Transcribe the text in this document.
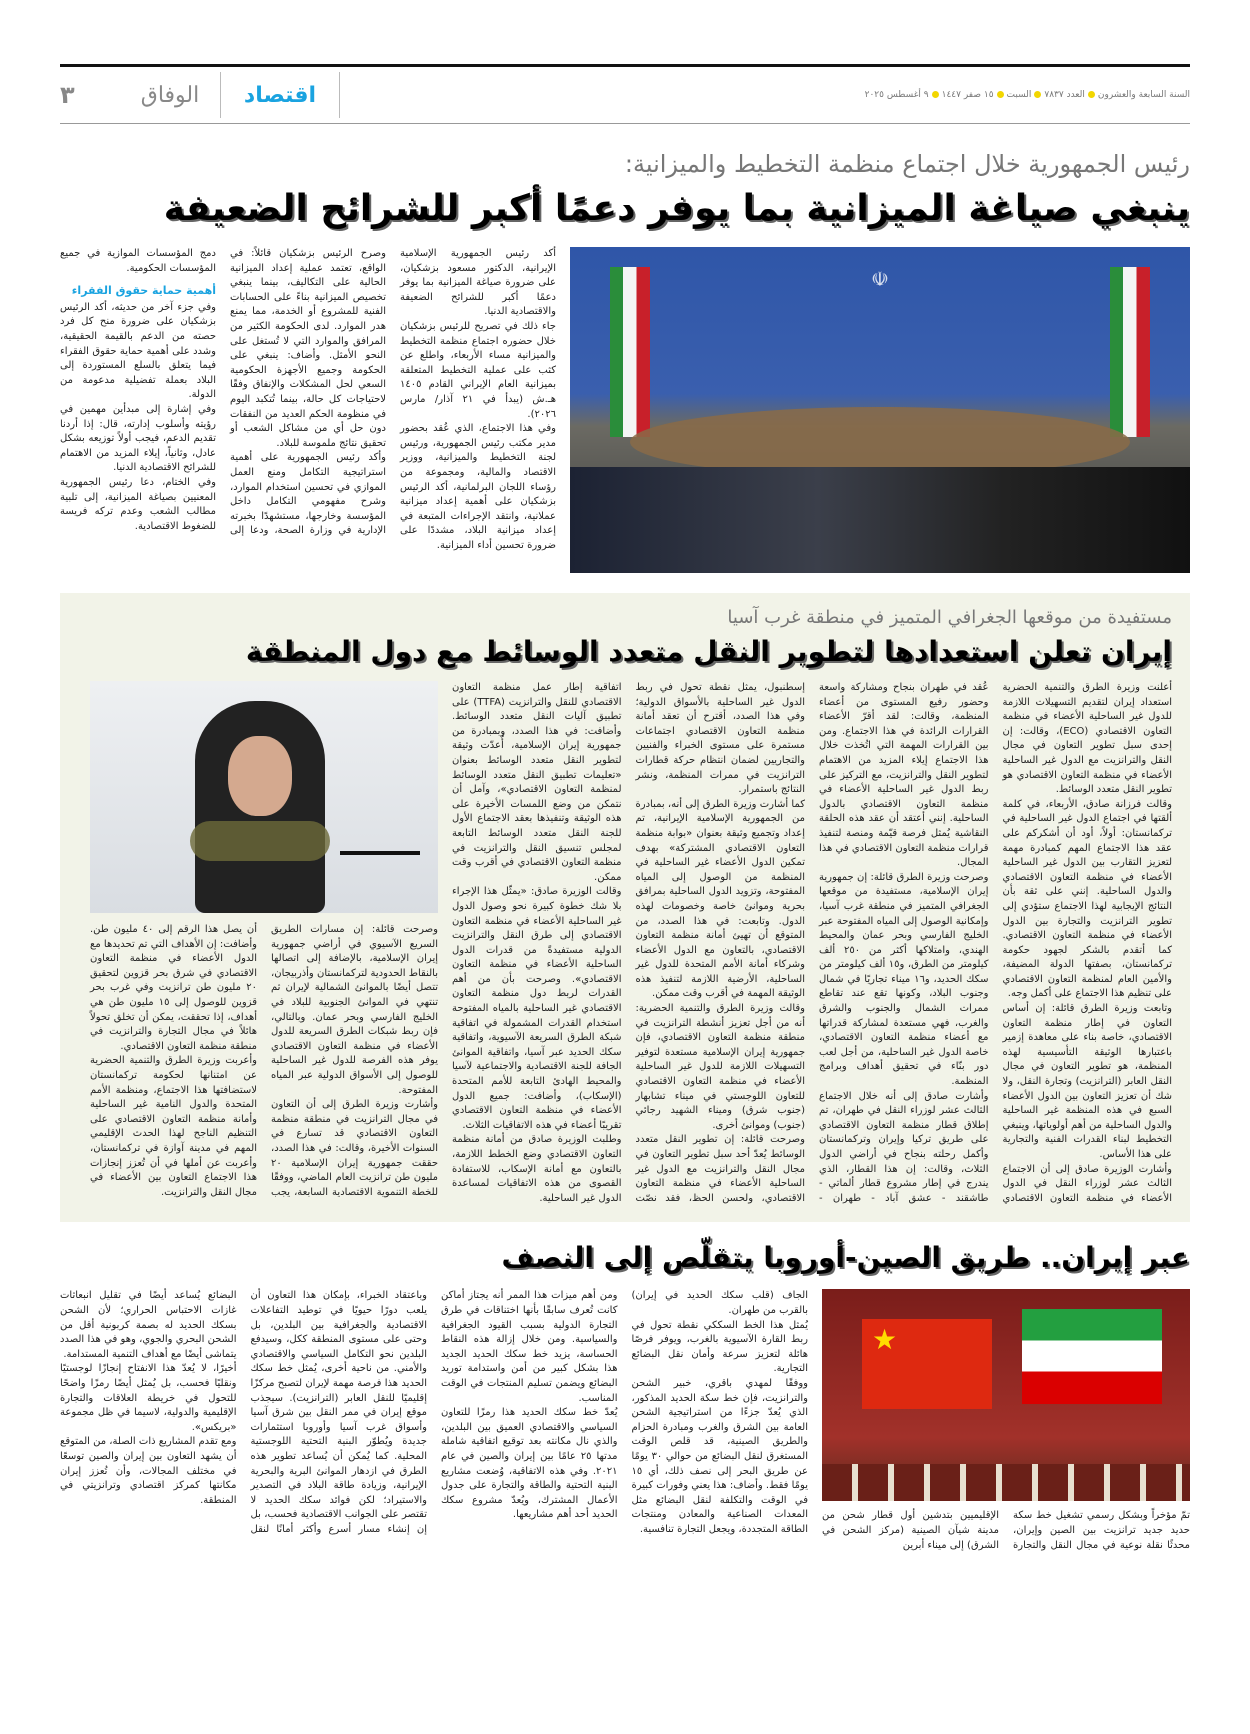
السنة السابعة والعشرونالعدد ٧٨٣٧السبت١٥ صفر ١٤٤٧٩ أغسطس ٢٠٢٥
اقتصاد
الوفاق
٣
رئيس الجمهورية خلال اجتماع منظمة التخطيط والميزانية:
ينبغي صياغة الميزانية بما يوفر دعمًا أكبر للشرائح الضعيفة
☫

أكد رئيس الجمهورية الإسلامية الإيرانية، الدكتور مسعود بزشكيان، على ضرورة صياغة الميزانية بما يوفر دعمًا أكبر للشرائح الضعيفة والاقتصادية الدنيا.

جاء ذلك في تصريح للرئيس بزشكيان خلال حضوره اجتماع منظمة التخطيط والميزانية مساء الأربعاء، واطلع عن كثب على عملية التخطيط المتعلقة بميزانية العام الإيراني القادم ١٤٠٥ هـ.ش (يبدأ في ٢١ آذار/ مارس ٢٠٢٦).

وفي هذا الاجتماع، الذي عُقد بحضور مدير مكتب رئيس الجمهورية، ورئيس لجنة التخطيط والميزانية، ووزير الاقتصاد والمالية، ومجموعة من رؤساء اللجان البرلمانية، أكد الرئيس بزشكيان على أهمية إعداد ميزانية عملانية، وانتقد الإجراءات المتبعة في إعداد ميزانية البلاد، مشددًا على ضرورة تحسين أداء الميزانية.

وصرح الرئيس بزشكيان قائلاً: في الواقع، تعتمد عملية إعداد الميزانية الحالية على التكاليف، بينما ينبغي تخصيص الميزانية بناءً على الحسابات الفنية للمشروع أو الخدمة، مما يمنع هدر الموارد. لدى الحكومة الكثير من المرافق والموارد التي لا تُستغل على النحو الأمثل. وأضاف: ينبغي على الحكومة وجميع الأجهزة الحكومية السعي لحل المشكلات والإنفاق وفقًا لاحتياجات كل حالة، بينما تُتكبد اليوم في منظومة الحكم العديد من النفقات دون حل أي من مشاكل الشعب أو تحقيق نتائج ملموسة للبلاد.

وأكد رئيس الجمهورية على أهمية استراتيجية التكامل ومنع العمل الموازي في تحسين استخدام الموارد، وشرح مفهومي التكامل داخل المؤسسة وخارجها، مستشهدًا بخبرته الإدارية في وزارة الصحة، ودعا إلى دمج المؤسسات الموازية في جميع المؤسسات الحكومية.

أهمية حماية حقوق الفقراء

وفي جزء آخر من حديثه، أكد الرئيس بزشكيان على ضرورة منح كل فرد حصته من الدعم بالقيمة الحقيقية، وشدد على أهمية حماية حقوق الفقراء فيما يتعلق بالسلع المستوردة إلى البلاد بعملة تفضيلية مدعومة من الدولة.

وفي إشارة إلى مبدأين مهمين في رؤيته وأسلوب إدارته، قال: إذا أردنا تقديم الدعم، فيجب أولاً توزيعه بشكل عادل، وثانياً، إيلاء المزيد من الاهتمام للشرائح الاقتصادية الدنيا.

وفي الختام، دعا رئيس الجمهورية المعنيين بصياغة الميزانية، إلى تلبية مطالب الشعب وعدم تركه فريسة للضغوط الاقتصادية.

مستفيدة من موقعها الجغرافي المتميز في منطقة غرب آسيا
إيران تعلن استعدادها لتطوير النقل متعدد الوسائط مع دول المنطقة

أعلنت وزيرة الطرق والتنمية الحضرية استعداد إيران لتقديم التسهيلات اللازمة للدول غير الساحلية الأعضاء في منظمة التعاون الاقتصادي (ECO)، وقالت: إن إحدى سبل تطوير التعاون في مجال النقل والترانزيت مع الدول غير الساحلية الأعضاء في منظمة التعاون الاقتصادي هو تطوير النقل متعدد الوسائط.

وقالت فرزانة صادق، الأربعاء، في كلمة ألقتها في اجتماع الدول غير الساحلية في تركمانستان: أولاً، أود أن أشكركم على عقد هذا الاجتماع المهم كمبادرة مهمة لتعزيز التقارب بين الدول غير الساحلية الأعضاء في منظمة التعاون الاقتصادي والدول الساحلية. إنني على ثقة بأن النتائج الإيجابية لهذا الاجتماع ستؤدي إلى تطوير الترانزيت والتجارة بين الدول الأعضاء في منظمة التعاون الاقتصادي. كما أتقدم بالشكر لجهود حكومة تركمانستان، بصفتها الدولة المضيفة، والأمين العام لمنظمة التعاون الاقتصادي على تنظيم هذا الاجتماع على أكمل وجه.

وتابعت وزيرة الطرق قائلة: إن أساس التعاون في إطار منظمة التعاون الاقتصادي، خاصة بناء على معاهدة إزمير باعتبارها الوثيقة التأسيسية لهذه المنظمة، هو تطوير التعاون في مجال النقل العابر (الترانزيت) وتجارة النقل، ولا شك أن تعزيز التعاون بين الدول الأعضاء السبع في هذه المنظمة غير الساحلية والدول الساحلية من أهم أولوياتها، وينبغي التخطيط لبناء القدرات الفنية والتجارية على هذا الأساس.

وأشارت الوزيرة صادق إلى أن الاجتماع الثالث عشر لوزراء النقل في الدول الأعضاء في منظمة التعاون الاقتصادي عُقد في طهران بنجاح ومشاركة واسعة وحضور رفيع المستوى من أعضاء المنظمة، وقالت: لقد أقرّ الأعضاء القرارات الرائدة في هذا الاجتماع. ومن بين القرارات المهمة التي اتُخذت خلال هذا الاجتماع إيلاء المزيد من الاهتمام لتطوير النقل والترانزيت، مع التركيز على ربط الدول غير الساحلية الأعضاء في منظمة التعاون الاقتصادي بالدول الساحلية. إنني أعتقد أن عقد هذه الحلقة النقاشية يُمثل فرصة قيّمة ومنصة لتنفيذ قرارات منظمة التعاون الاقتصادي في هذا المجال.

وصرحت وزيرة الطرق قائلة: إن جمهورية إيران الإسلامية، مستفيدة من موقعها الجغرافي المتميز في منطقة غرب آسيا، وإمكانية الوصول إلى المياه المفتوحة عبر الخليج الفارسي وبحر عمان والمحيط الهندي، وامتلاكها أكثر من ٢٥٠ ألف كيلومتر من الطرق، و١٥ ألف كيلومتر من سكك الحديد، و١٦ ميناء تجاريًا في شمال وجنوب البلاد، وكونها تقع عند تقاطع ممرات الشمال والجنوب والشرق والغرب، فهي مستعدة لمشاركة قدراتها مع أعضاء منظمة التعاون الاقتصادي، خاصة الدول غير الساحلية، من أجل لعب دور بنّاء في تحقيق أهداف وبرامج المنظمة.

وأشارت صادق إلى أنه خلال الاجتماع الثالث عشر لوزراء النقل في طهران، تم إطلاق قطار منظمة التعاون الاقتصادي على طريق تركيا وإيران وتركمانستان وأكمل رحلته بنجاح في أراضي الدول الثلاث، وقالت: إن هذا القطار، الذي يندرج في إطار مشروع قطار ألماتي - طاشقند - عشق آباد - طهران - إسطنبول، يمثل نقطة تحول في ربط الدول غير الساحلية بالأسواق الدولية؛ وفي هذا الصدد، أقترح أن تعقد أمانة منظمة التعاون الاقتصادي اجتماعات مستمرة على مستوى الخبراء والفنيين والتجاريين لضمان انتظام حركة قطارات الترانزيت في ممرات المنظمة، ونشر النتائج باستمرار.

كما أشارت وزيرة الطرق إلى أنه، بمبادرة من الجمهورية الإسلامية الإيرانية، تم إعداد وتجميع وثيقة بعنوان «بوابة منظمة التعاون الاقتصادي المشتركة» بهدف تمكين الدول الأعضاء غير الساحلية في المنظمة من الوصول إلى المياه المفتوحة، وتزويد الدول الساحلية بمرافق بحرية وموانئ خاصة وخصومات لهذه الدول. وتابعت: في هذا الصدد، من المتوقع أن تهيئ أمانة منظمة التعاون الاقتصادي، بالتعاون مع الدول الأعضاء وشركاء أمانة الأمم المتحدة للدول غير الساحلية، الأرضية اللازمة لتنفيذ هذه الوثيقة المهمة في أقرب وقت ممكن.

وقالت وزيرة الطرق والتنمية الحضرية: أنه من أجل تعزيز أنشطة الترانزيت في منطقة منظمة التعاون الاقتصادي، فإن جمهورية إيران الإسلامية مستعدة لتوفير التسهيلات اللازمة للدول غير الساحلية الأعضاء في منظمة التعاون الاقتصادي للتعاون اللوجستي في ميناء تشابهار (جنوب شرق) وميناء الشهيد رجائي (جنوب) وموانئ أخرى.

وصرحت قائلة: إن تطوير النقل متعدد الوسائط يُعدّ أحد سبل تطوير التعاون في مجال النقل والترانزيت مع الدول غير الساحلية الأعضاء في منظمة التعاون الاقتصادي، ولحسن الحظ، فقد نصّت اتفاقية إطار عمل منظمة التعاون الاقتصادي للنقل والترانزيت (TTFA) على تطبيق آليات النقل متعدد الوسائط. وأضافت: في هذا الصدد، وبمبادرة من جمهورية إيران الإسلامية، أُعدّت وثيقة لتطوير النقل متعدد الوسائط بعنوان «تعليمات تطبيق النقل متعدد الوسائط لمنظمة التعاون الاقتصادي»، وآمل أن نتمكن من وضع اللمسات الأخيرة على هذه الوثيقة وتنفيذها بعقد الاجتماع الأول للجنة النقل متعدد الوسائط التابعة لمجلس تنسيق النقل والترانزيت في منظمة التعاون الاقتصادي في أقرب وقت ممكن.

وقالت الوزيرة صادق: «يمثّل هذا الإجراء بلا شك خطوة كبيرة نحو وصول الدول غير الساحلية الأعضاء في منظمة التعاون الاقتصادي إلى طرق النقل والترانزيت الدولية مستفيدةً من قدرات الدول الساحلية الأعضاء في منظمة التعاون الاقتصادي». وصرحت بأن من أهم القدرات لربط دول منظمة التعاون الاقتصادي غير الساحلية بالمياه المفتوحة استخدام القدرات المشمولة في اتفاقية شبكة الطرق السريعة الآسيوية، واتفاقية سكك الحديد عبر آسيا، واتفاقية الموانئ الجافة للجنة الاقتصادية والاجتماعية لآسيا والمحيط الهادئ التابعة للأمم المتحدة (الإسكاب)، وأضافت: جميع الدول الأعضاء في منظمة التعاون الاقتصادي تقريبًا أعضاء في هذه الاتفاقيات الثلاث.

وطلبت الوزيرة صادق من أمانة منظمة التعاون الاقتصادي وضع الخطط اللازمة، بالتعاون مع أمانة الإسكاب، للاستفادة القصوى من هذه الاتفاقيات لمساعدة الدول غير الساحلية.

وصرحت قائلة: إن مسارات الطريق السريع الآسيوي في أراضي جمهورية إيران الإسلامية، بالإضافة إلى اتصالها بالنقاط الحدودية لتركمانستان وأذربيجان، تتصل أيضًا بالموانئ الشمالية لإيران ثم تنتهي في الموانئ الجنوبية للبلاد في الخليج الفارسي وبحر عمان. وبالتالي، فإن ربط شبكات الطرق السريعة للدول الأعضاء في منظمة التعاون الاقتصادي يوفر هذه الفرصة للدول غير الساحلية للوصول إلى الأسواق الدولية عبر المياه المفتوحة.

وأشارت وزيرة الطرق إلى أن التعاون في مجال الترانزيت في منطقة منظمة التعاون الاقتصادي قد تسارع في السنوات الأخيرة، وقالت: في هذا الصدد، حققت جمهورية إيران الإسلامية ٢٠ مليون طن ترانزيت العام الماضي، ووفقًا للخطة التنموية الاقتصادية السابعة، يجب أن يصل هذا الرقم إلى ٤٠ مليون طن. وأضافت: إن الأهداف التي تم تحديدها مع الدول الأعضاء في منظمة التعاون الاقتصادي في شرق بحر قزوين لتحقيق ٢٠ مليون طن ترانزيت وفي غرب بحر قزوين للوصول إلى ١٥ مليون طن هي أهداف، إذا تحققت، يمكن أن تخلق تحولاً هائلاً في مجال التجارة والترانزيت في منطقة منظمة التعاون الاقتصادي.

وأعربت وزيرة الطرق والتنمية الحضرية عن امتنانها لحكومة تركمانستان لاستضافتها هذا الاجتماع، ومنظمة الأمم المتحدة والدول النامية غير الساحلية وأمانة منظمة التعاون الاقتصادي على التنظيم الناجح لهذا الحدث الإقليمي المهم في مدينة آوازة في تركمانستان، وأعربت عن أملها في أن تُعزز إنجازات هذا الاجتماع التعاون بين الأعضاء في مجال النقل والترانزيت.

عبر إيران.. طريق الصين-أوروبا يتقلّص إلى النصف
★
تمّ مؤخراً وبشكل رسمي تشغيل خط سكة حديد جديد ترانزيت بين الصين وإيران، محدثًا نقلة نوعية في مجال النقل والتجارة الإقليميين بتدشين أول قطار شحن من مدينة شيآن الصينية (مركز الشحن في الشرق) إلى ميناء أبرين

الجاف (قلب سكك الحديد في إيران) بالقرب من طهران.

يُمثل هذا الخط السككي نقطة تحول في ربط القارة الآسيوية بالغرب، ويوفر فرصًا هائلة لتعزيز سرعة وأمان نقل البضائع التجارية.

ووفقًا لمهدي باقري، خبير الشحن والترانزيت، فإن خط سكة الحديد المذكور، الذي يُعدّ جزءًا من استراتيجية الشحن العامة بين الشرق والغرب ومبادرة الحزام والطريق الصينية، قد قلص الوقت المستغرق لنقل البضائع من حوالي ٣٠ يومًا عن طريق البحر إلى نصف ذلك، أي ١٥ يومًا فقط. وأضاف: هذا يعني وفورات كبيرة في الوقت والتكلفة لنقل البضائع مثل المعدات الصناعية والمعادن ومنتجات الطاقة المتجددة، ويجعل التجارة تنافسية.

ومن أهم ميزات هذا الممر أنه يجتاز أماكن كانت تُعرف سابقًا بأنها اختناقات في طرق التجارة الدولية بسبب القيود الجغرافية والسياسية. ومن خلال إزالة هذه النقاط الحساسة، يزيد خط سكك الحديد الجديد هذا بشكل كبير من أمن واستدامة توريد البضائع ويضمن تسليم المنتجات في الوقت المناسب.

يُعدّ خط سكك الحديد هذا رمزًا للتعاون السياسي والاقتصادي العميق بين البلدين، والذي نال مكانته بعد توقيع اتفاقية شاملة مدتها ٢٥ عامًا بين إيران والصين في عام ٢٠٢١. وفي هذه الاتفاقية، وُضعت مشاريع البنية التحتية والطاقة والتجارة على جدول الأعمال المشترك، ويُعدّ مشروع سكك الحديد أحد أهم مشاريعها.

وباعتقاد الخبراء، بإمكان هذا التعاون أن يلعب دورًا حيويًا في توطيد التفاعلات الاقتصادية والجغرافية بين البلدين، بل وحتى على مستوى المنطقة ككل، وسيدفع البلدين نحو التكامل السياسي والاقتصادي والأمني. من ناحية أخرى، يُمثل خط سكك الحديد هذا فرصة مهمة لإيران لتصبح مركزًا إقليميًا للنقل العابر (الترانزيت). سيجذب موقع إيران في ممر النقل بين شرق آسيا وأسواق غرب آسيا وأوروبا استثمارات جديدة ويُطوّر البنية التحتية اللوجستية المحلية. كما يُمكن أن يُساعد تطوير هذه الطرق في ازدهار الموانئ البرية والبحرية الإيرانية، وزيادة طاقة البلاد في التصدير والاستيراد؛ لكن فوائد سكك الحديد لا تقتصر على الجوانب الاقتصادية فحسب، بل إن إنشاء مسار أسرع وأكثر أمانًا لنقل البضائع يُساعد أيضًا في تقليل انبعاثات غازات الاحتباس الحراري؛ لأن الشحن بسكك الحديد له بصمة كربونية أقل من الشحن البحري والجوي، وهو في هذا الصدد يتماشى أيضًا مع أهداف التنمية المستدامة.

أخيرًا، لا يُعدّ هذا الانفتاح إنجازًا لوجستيًا ونقليًا فحسب، بل يُمثل أيضًا رمزًا واضحًا للتحول في خريطة العلاقات والتجارة الإقليمية والدولية، لاسيما في ظل مجموعة «بريكس».

ومع تقدم المشاريع ذات الصلة، من المتوقع أن يشهد التعاون بين إيران والصين توسعًا في مختلف المجالات، وأن تُعزز إيران مكانتها كمركز اقتصادي وترانزيتي في المنطقة.
